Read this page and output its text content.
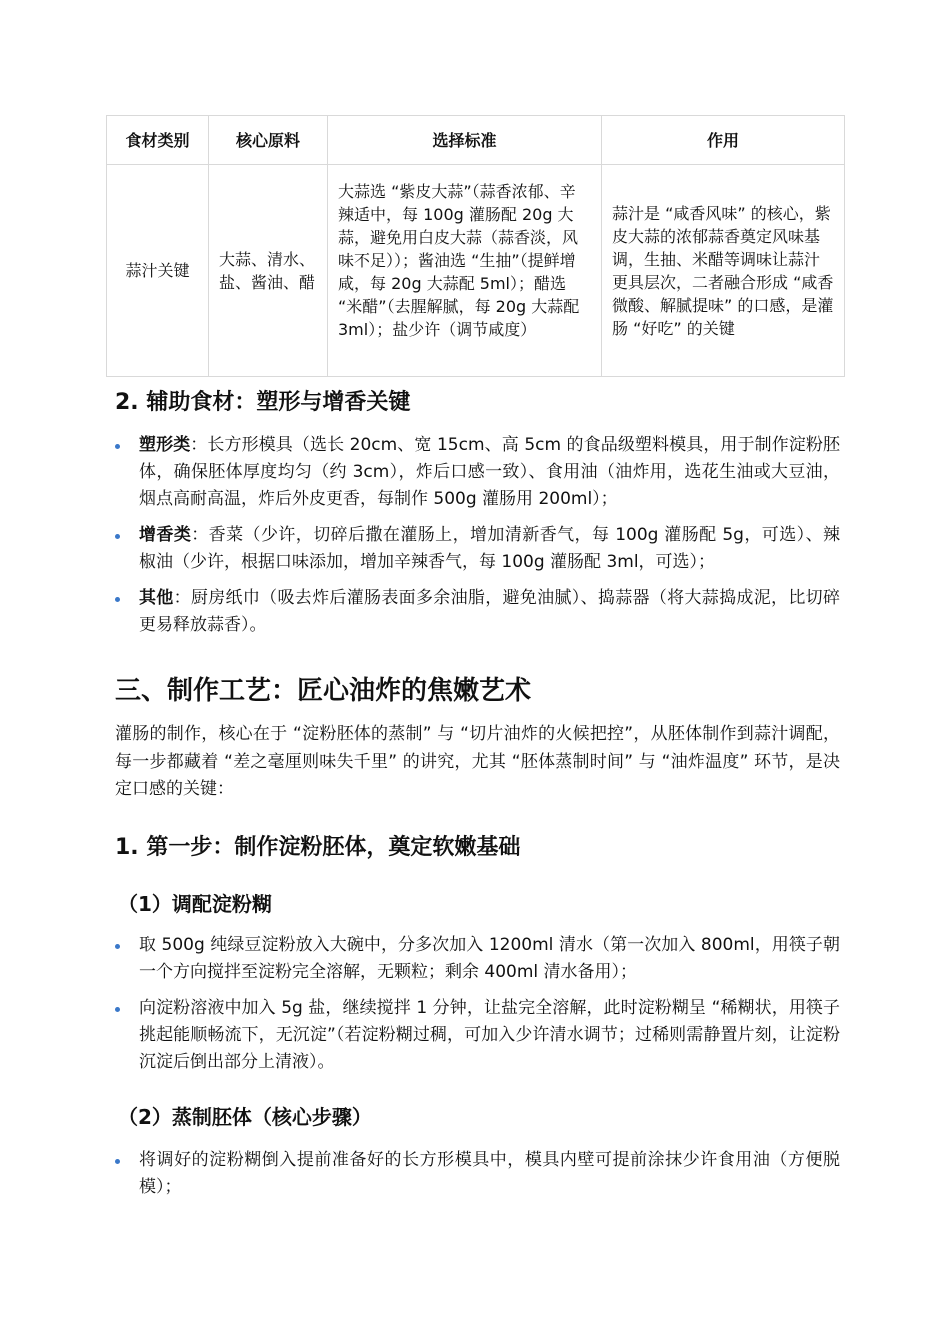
食材类别	核心原料	选择标准	作用
蒜汁关键	大蒜、清水、盐、酱油、醋	大蒜选 “紫皮大蒜”（蒜香浓郁、辛辣适中，每 100g 灌肠配 20g 大蒜，避免用白皮大蒜（蒜香淡，风味不足））；酱油选 “生抽”（提鲜增咸，每 20g 大蒜配 5ml）；醋选 “米醋”（去腥解腻，每 20g 大蒜配 3ml）；盐少许（调节咸度）	蒜汁是 “咸香风味” 的核心，紫皮大蒜的浓郁蒜香奠定风味基调，生抽、米醋等调味让蒜汁更具层次，二者融合形成 “咸香微酸、解腻提味” 的口感，是灌肠 “好吃” 的关键
2. 辅助食材：塑形与增香关键
塑形类：长方形模具（选长 20cm、宽 15cm、高 5cm 的食品级塑料模具，用于制作淀粉胚体，确保胚体厚度均匀（约 3cm），炸后口感一致）、食用油（油炸用，选花生油或大豆油，烟点高耐高温，炸后外皮更香，每制作 500g 灌肠用 200ml）；
增香类：香菜（少许，切碎后撒在灌肠上，增加清新香气，每 100g 灌肠配 5g，可选）、辣椒油（少许，根据口味添加，增加辛辣香气，每 100g 灌肠配 3ml，可选）；
其他：厨房纸巾（吸去炸后灌肠表面多余油脂，避免油腻）、捣蒜器（将大蒜捣成泥，比切碎更易释放蒜香）。
三、制作工艺：匠心油炸的焦嫩艺术

灌肠的制作，核心在于 “淀粉胚体的蒸制” 与 “切片油炸的火候把控”，从胚体制作到蒜汁调配，每一步都藏着 “差之毫厘则味失千里” 的讲究，尤其 “胚体蒸制时间” 与 “油炸温度” 环节，是决定口感的关键：

1. 第一步：制作淀粉胚体，奠定软嫩基础
（1）调配淀粉糊
取 500g 纯绿豆淀粉放入大碗中，分多次加入 1200ml 清水（第一次加入 800ml，用筷子朝一个方向搅拌至淀粉完全溶解，无颗粒；剩余 400ml 清水备用）；
向淀粉溶液中加入 5g 盐，继续搅拌 1 分钟，让盐完全溶解，此时淀粉糊呈 “稀糊状，用筷子挑起能顺畅流下，无沉淀”（若淀粉糊过稠，可加入少许清水调节；过稀则需静置片刻，让淀粉沉淀后倒出部分上清液）。
（2）蒸制胚体（核心步骤）
将调好的淀粉糊倒入提前准备好的长方形模具中，模具内壁可提前涂抹少许食用油（方便脱模）；
